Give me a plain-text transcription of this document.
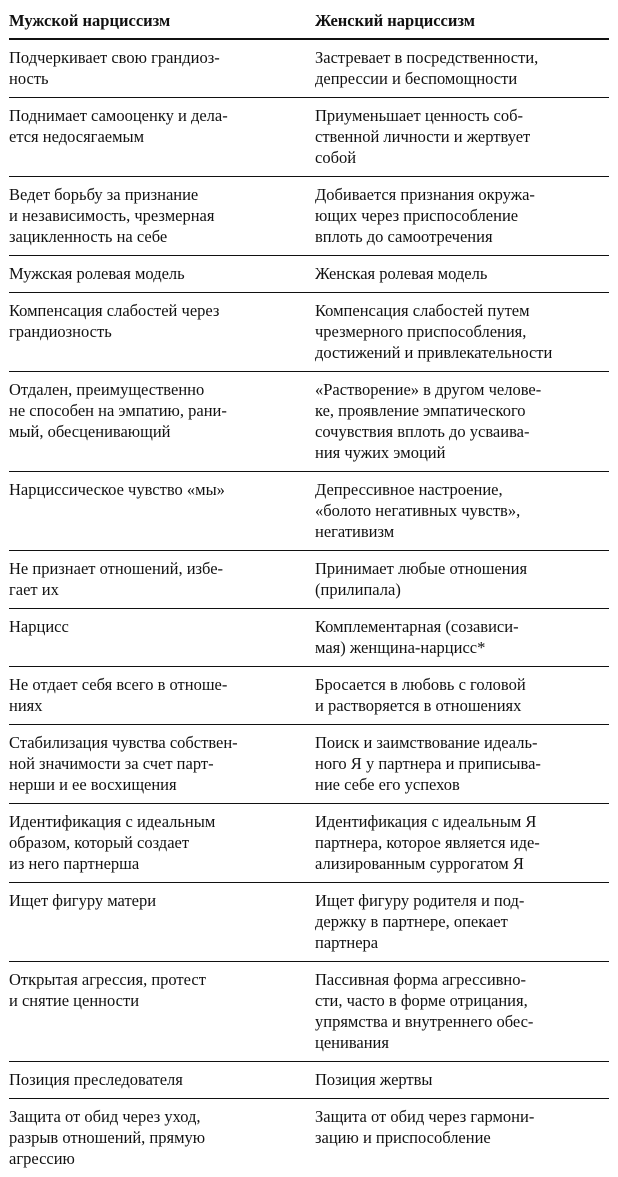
Мужской нарциссизм	Женский нарциссизм

Подчеркивает свою грандиоз-
ность	Застревает в посредственности,
депрессии и беспомощности

Поднимает самооценку и дела-
ется недосягаемым	Приуменьшает ценность соб-
ственной личности и жертвует
собой

Ведет борьбу за признание
и независимость, чрезмерная
зацикленность на себе	Добивается признания окружа-
ющих через приспособление
вплоть до самоотречения

Мужская ролевая модель	Женская ролевая модель

Компенсация слабостей через
грандиозность	Компенсация слабостей путем
чрезмерного приспособления,
достижений и привлекательности

Отдален, преимущественно
не способен на эмпатию, рани-
мый, обесценивающий	«Растворение» в другом челове-
ке, проявление эмпатического
сочувствия вплоть до усваива-
ния чужих эмоций

Нарциссическое чувство «мы»	Депрессивное настроение,
«болото негативных чувств»,
негативизм

Не признает отношений, избе-
гает их	Принимает любые отношения
(прилипала)

Нарцисс	Комплементарная (созависи-
мая) женщина-нарцисс*

Не отдает себя всего в отноше-
ниях	Бросается в любовь с головой
и растворяется в отношениях

Стабилизация чувства собствен-
ной значимости за счет парт-
нерши и ее восхищения	Поиск и заимствование идеаль-
ного Я у партнера и приписыва-
ние себе его успехов

Идентификация с идеальным
образом, который создает
из него партнерша	Идентификация с идеальным Я
партнера, которое является иде-
ализированным суррогатом Я

Ищет фигуру матери	Ищет фигуру родителя и под-
держку в партнере, опекает
партнера

Открытая агрессия, протест
и снятие ценности	Пассивная форма агрессивно-
сти, часто в форме отрицания,
упрямства и внутреннего обес-
ценивания

Позиция преследователя	Позиция жертвы

Защита от обид через уход,
разрыв отношений, прямую
агрессию	Защита от обид через гармони-
зацию и приспособление
